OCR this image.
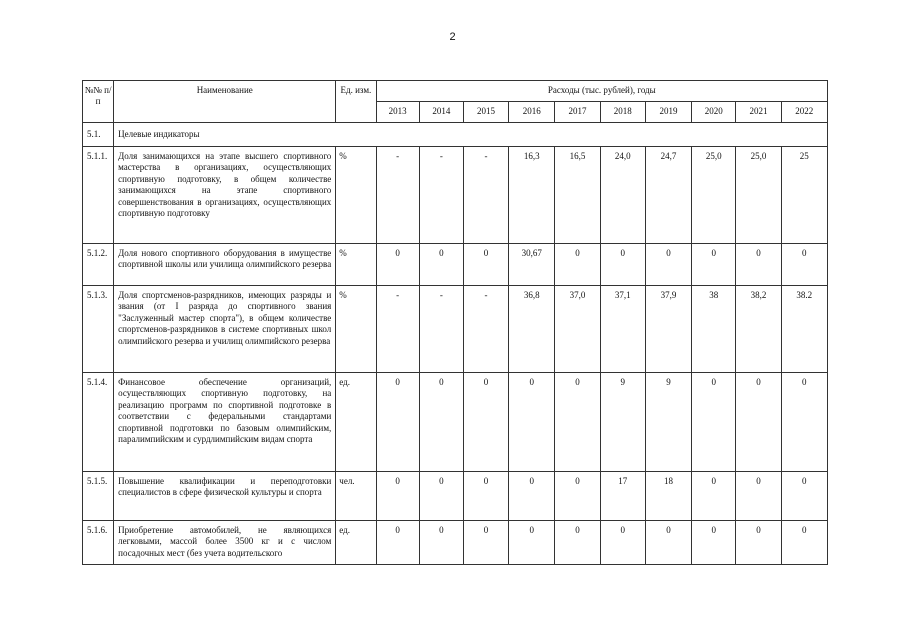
2
№№ п/п	Наименование	Ед. изм.	Расходы (тыс. рублей), годы									
			2013	2014	2015	2016	2017	2018	2019	2020	2021	2022
5.1.	Целевые индикаторы											
5.1.1.	Доля занимающихся на этапе высшего спортивного мастерства в организациях, осуществляющих спортивную подготовку, в общем количестве занимающихся на этапе спортивного совершенствования в организациях, осуществляющих спортивную подготовку	%	-	-	-	16,3	16,5	24,0	24,7	25,0	25,0	25
5.1.2.	Доля нового спортивного оборудования в имуществе спортивной школы или училища олимпийского резерва	%	0	0	0	30,67	0	0	0	0	0	0
5.1.3.	Доля спортсменов-разрядников, имеющих разряды и звания (от I разряда до спортивного звания "Заслуженный мастер спорта"), в общем количестве спортсменов-разрядников в системе спортивных школ олимпийского резерва и училищ олимпийского резерва	%	-	-	-	36,8	37,0	37,1	37,9	38	38,2	38.2
5.1.4.	Финансовое обеспечение организаций, осуществляющих спортивную подготовку, на реализацию программ по спортивной подготовке в соответствии с федеральными стандартами спортивной подготовки по базовым олимпийским, паралимпийским и сурдлимпийским видам спорта	ед.	0	0	0	0	0	9	9	0	0	0
5.1.5.	Повышение квалификации и переподготовки специалистов в сфере физической культуры и спорта	чел.	0	0	0	0	0	17	18	0	0	0
5.1.6.	Приобретение автомобилей, не являющихся легковыми, массой более 3500 кг и с числом посадочных мест (без учета водительского	ед.	0	0	0	0	0	0	0	0	0	0
